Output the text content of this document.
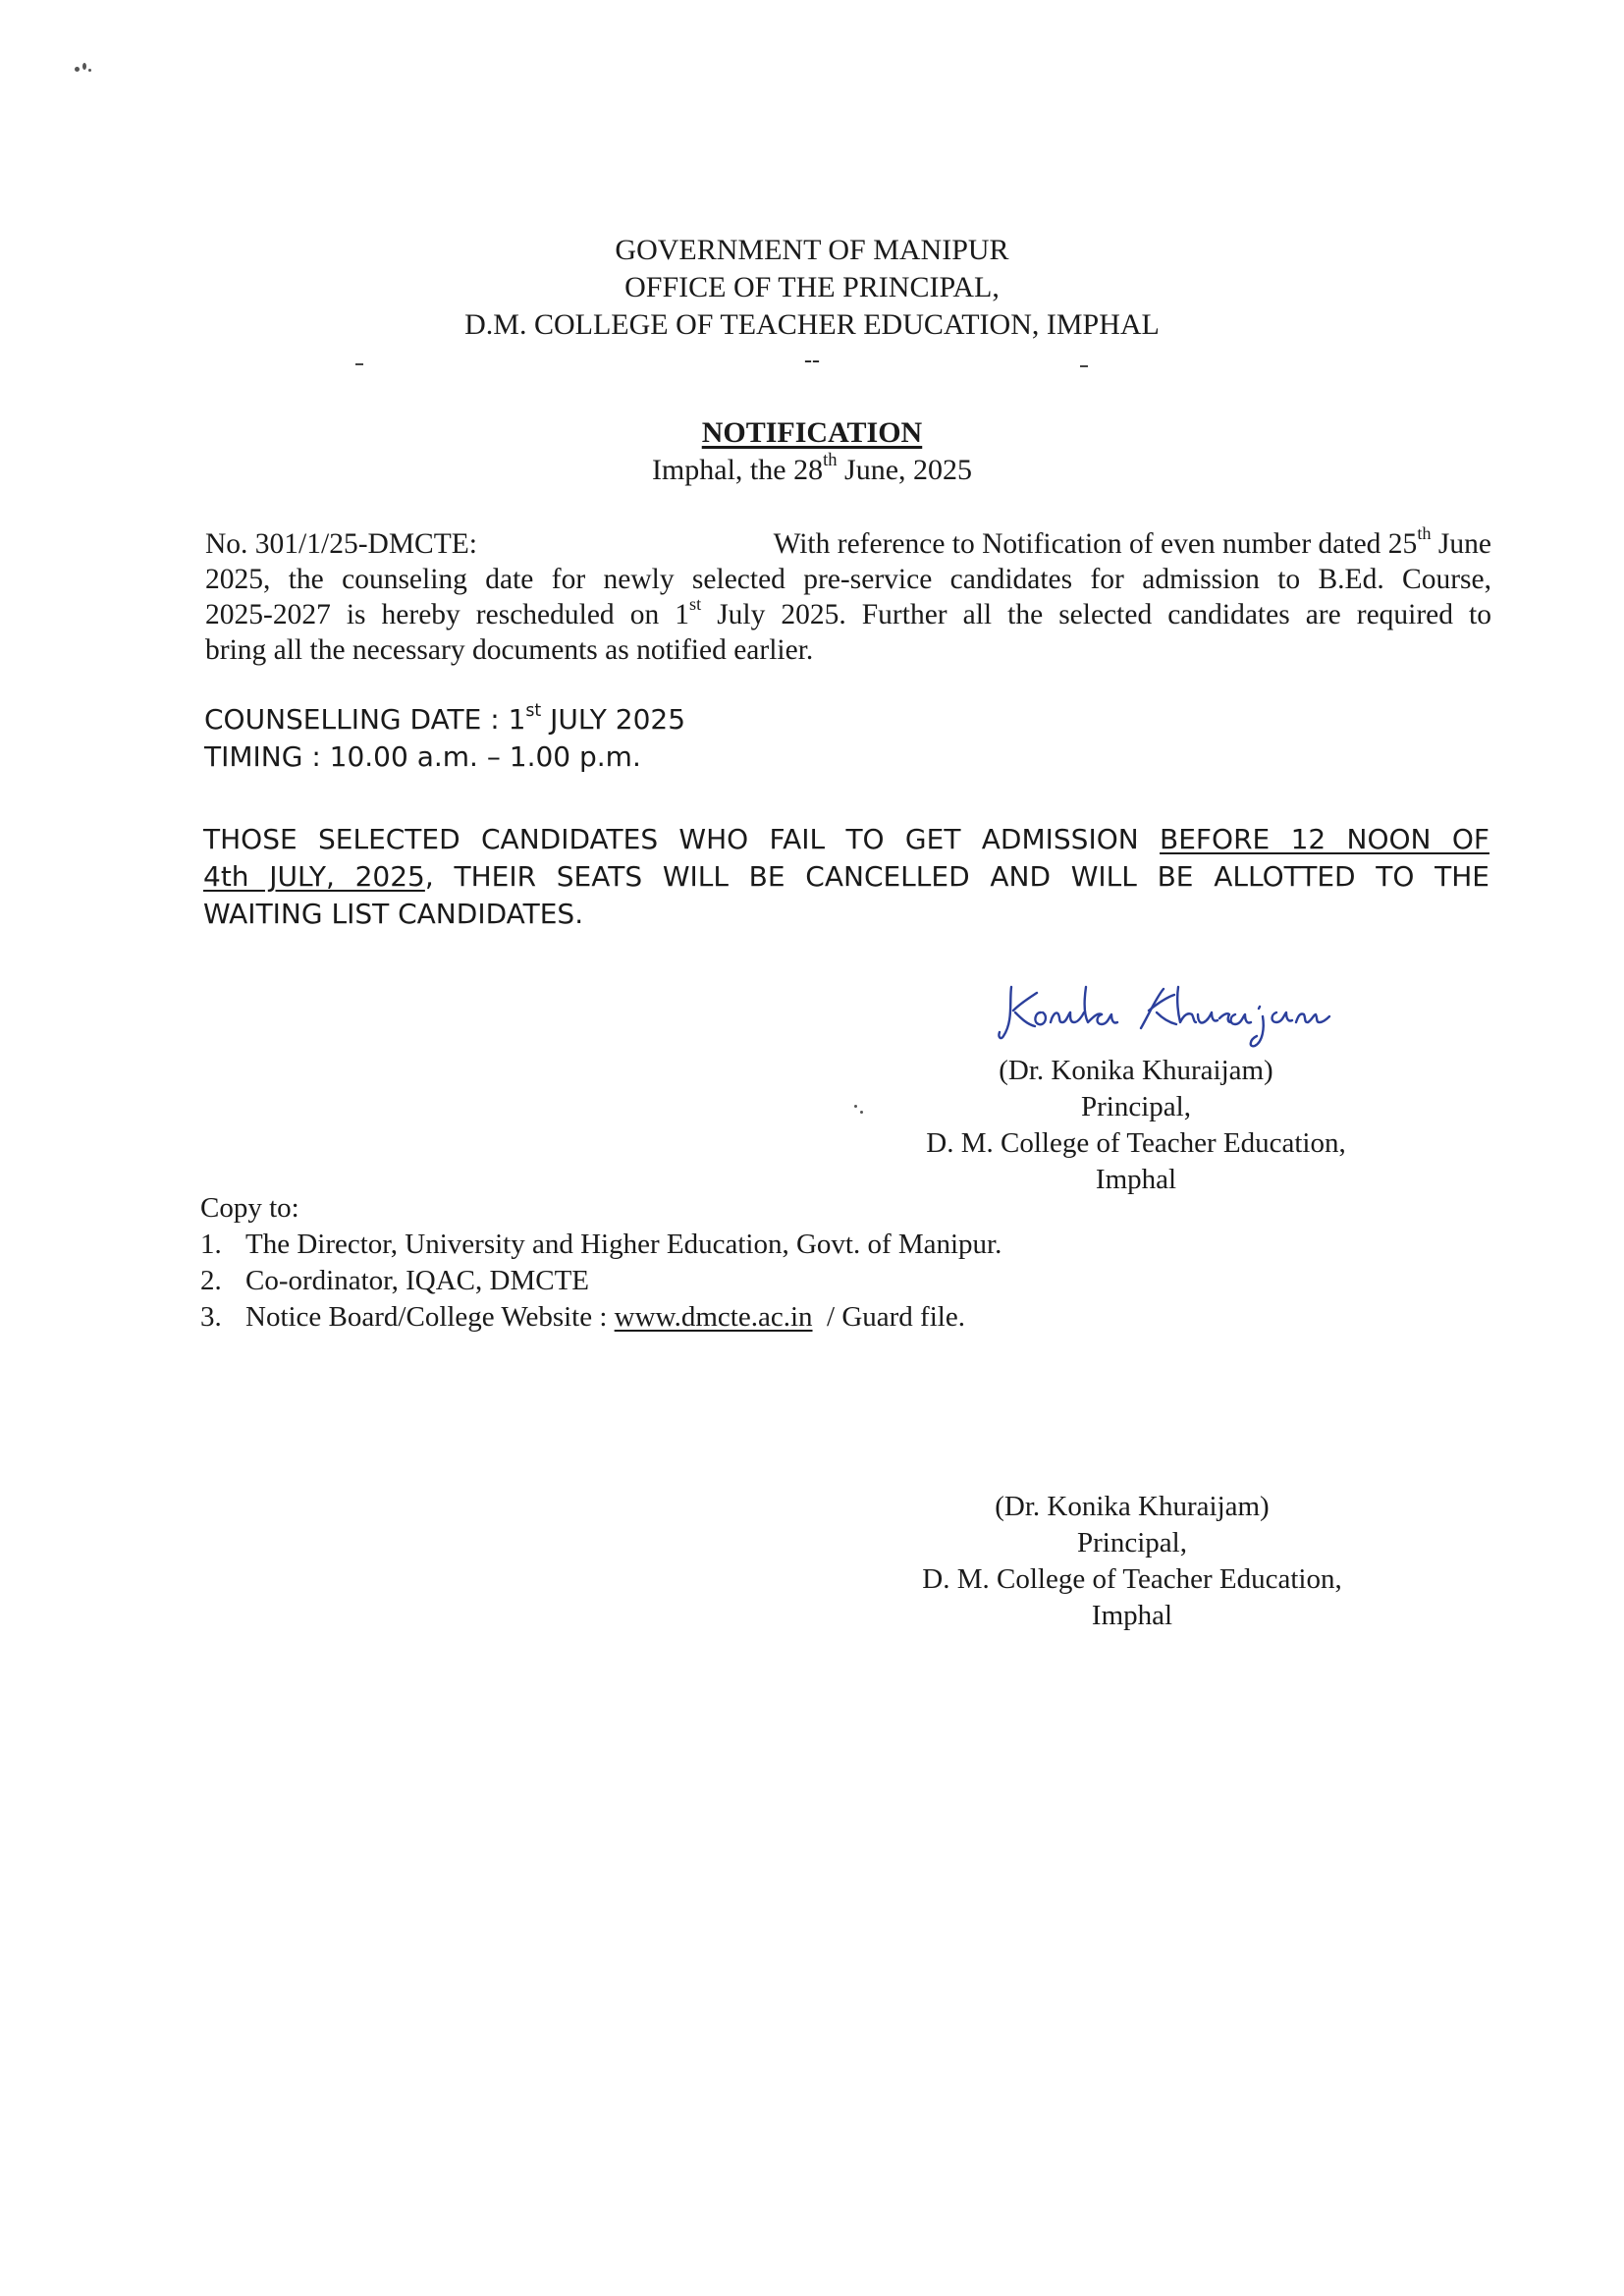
GOVERNMENT OF MANIPUR
OFFICE OF THE PRINCIPAL,
D.M. COLLEGE OF TEACHER EDUCATION, IMPHAL
--
NOTIFICATION
Imphal, the 28th June, 2025
No. 301/1/25-DMCTE:	With reference to Notification of even number dated 25th June
2025, the counseling date for newly selected pre-service candidates for admission to B.Ed. Course,
2025-2027 is hereby rescheduled on 1st July 2025. Further all the selected candidates are required to
bring all the necessary documents as notified earlier.
COUNSELLING DATE : 1st JULY 2025
TIMING : 10.00 a.m. – 1.00 p.m.
THOSE SELECTED CANDIDATES WHO FAIL TO GET ADMISSION BEFORE 12 NOON OF
4th JULY, 2025, THEIR SEATS WILL BE CANCELLED AND WILL BE ALLOTTED TO THE
WAITING LIST CANDIDATES.
(Dr. Konika Khuraijam)
Principal,
D. M. College of Teacher Education,
Imphal
Copy to:
1. The Director, University and Higher Education, Govt. of Manipur.
2. Co-ordinator, IQAC, DMCTE
3. Notice Board/College Website : www.dmcte.ac.in  / Guard file.
(Dr. Konika Khuraijam)
Principal,
D. M. College of Teacher Education,
Imphal
